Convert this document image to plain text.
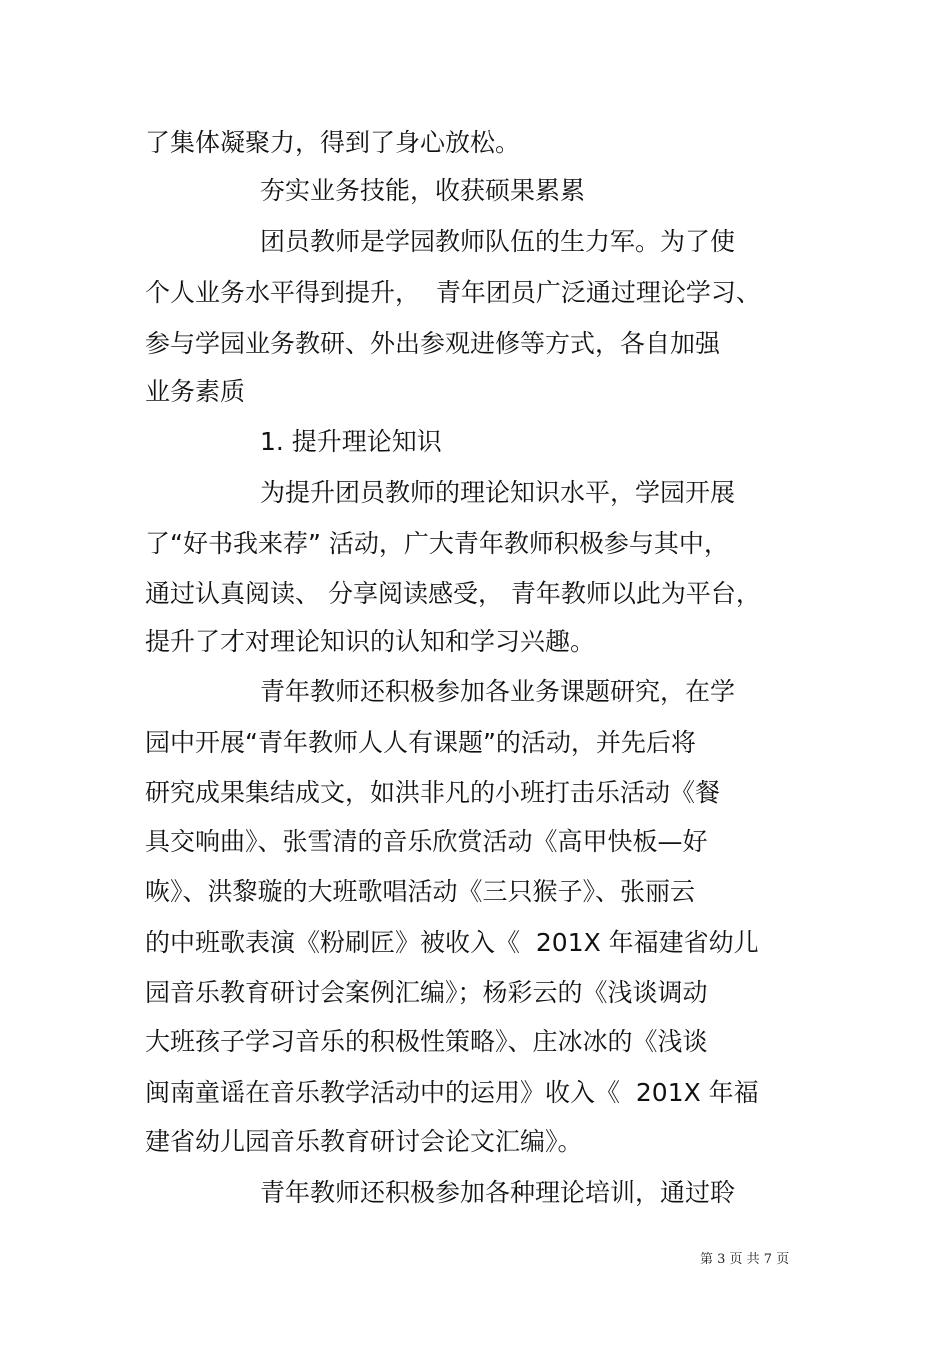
了集体凝聚力，得到了身心放松。
夯实业务技能，收获硕果累累
团员教师是学园教师队伍的生力军。为了使
个人业务水平得到提升，  青年团员广泛通过理论学习、
参与学园业务教研、外出参观进修等方式，各自加强
业务素质
1. 提升理论知识
为提升团员教师的理论知识水平，学园开展
了“好书我来荐” 活动，广大青年教师积极参与其中，
通过认真阅读、 分享阅读感受， 青年教师以此为平台，
提升了才对理论知识的认知和学习兴趣。
青年教师还积极参加各业务课题研究，在学
园中开展“青年教师人人有课题”的活动，并先后将
研究成果集结成文，如洪非凡的小班打击乐活动《餐
具交响曲》、张雪清的音乐欣赏活动《高甲快板—好
咴》、洪黎璇的大班歌唱活动《三只猴子》、张丽云
的中班歌表演《粉刷匠》被收入《  201X 年福建省幼儿
园音乐教育研讨会案例汇编》；杨彩云的《浅谈调动
大班孩子学习音乐的积极性策略》、庄冰冰的《浅谈
闽南童谣在音乐教学活动中的运用》收入《  201X 年福
建省幼儿园音乐教育研讨会论文汇编》。
青年教师还积极参加各种理论培训，通过聆
第 3 页 共 7 页
